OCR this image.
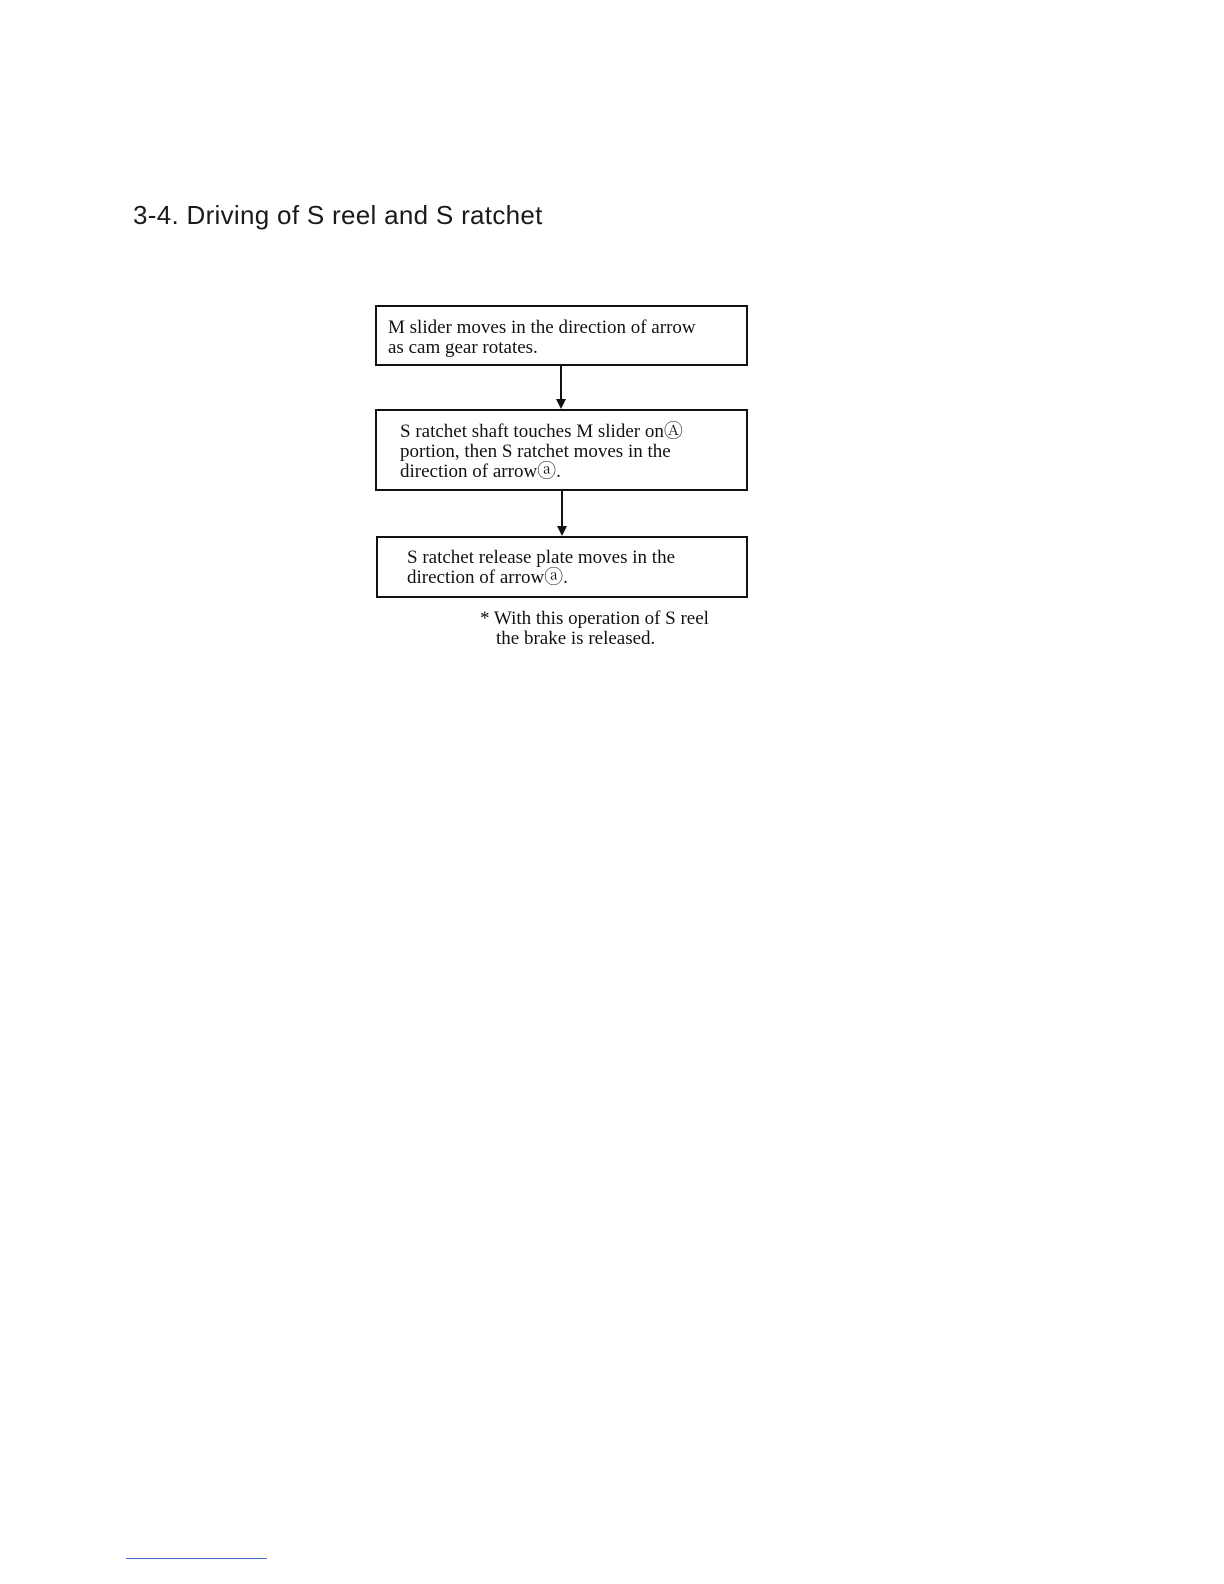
3-4. Driving of S reel and S ratchet
M slider moves in the direction of arrow
as cam gear rotates.
S ratchet shaft touches M slider onⒶ
portion, then S ratchet moves in the
direction of arrowⓐ.
S ratchet release plate moves in the
direction of arrowⓐ.
* With this operation of S reel
the brake is released.
